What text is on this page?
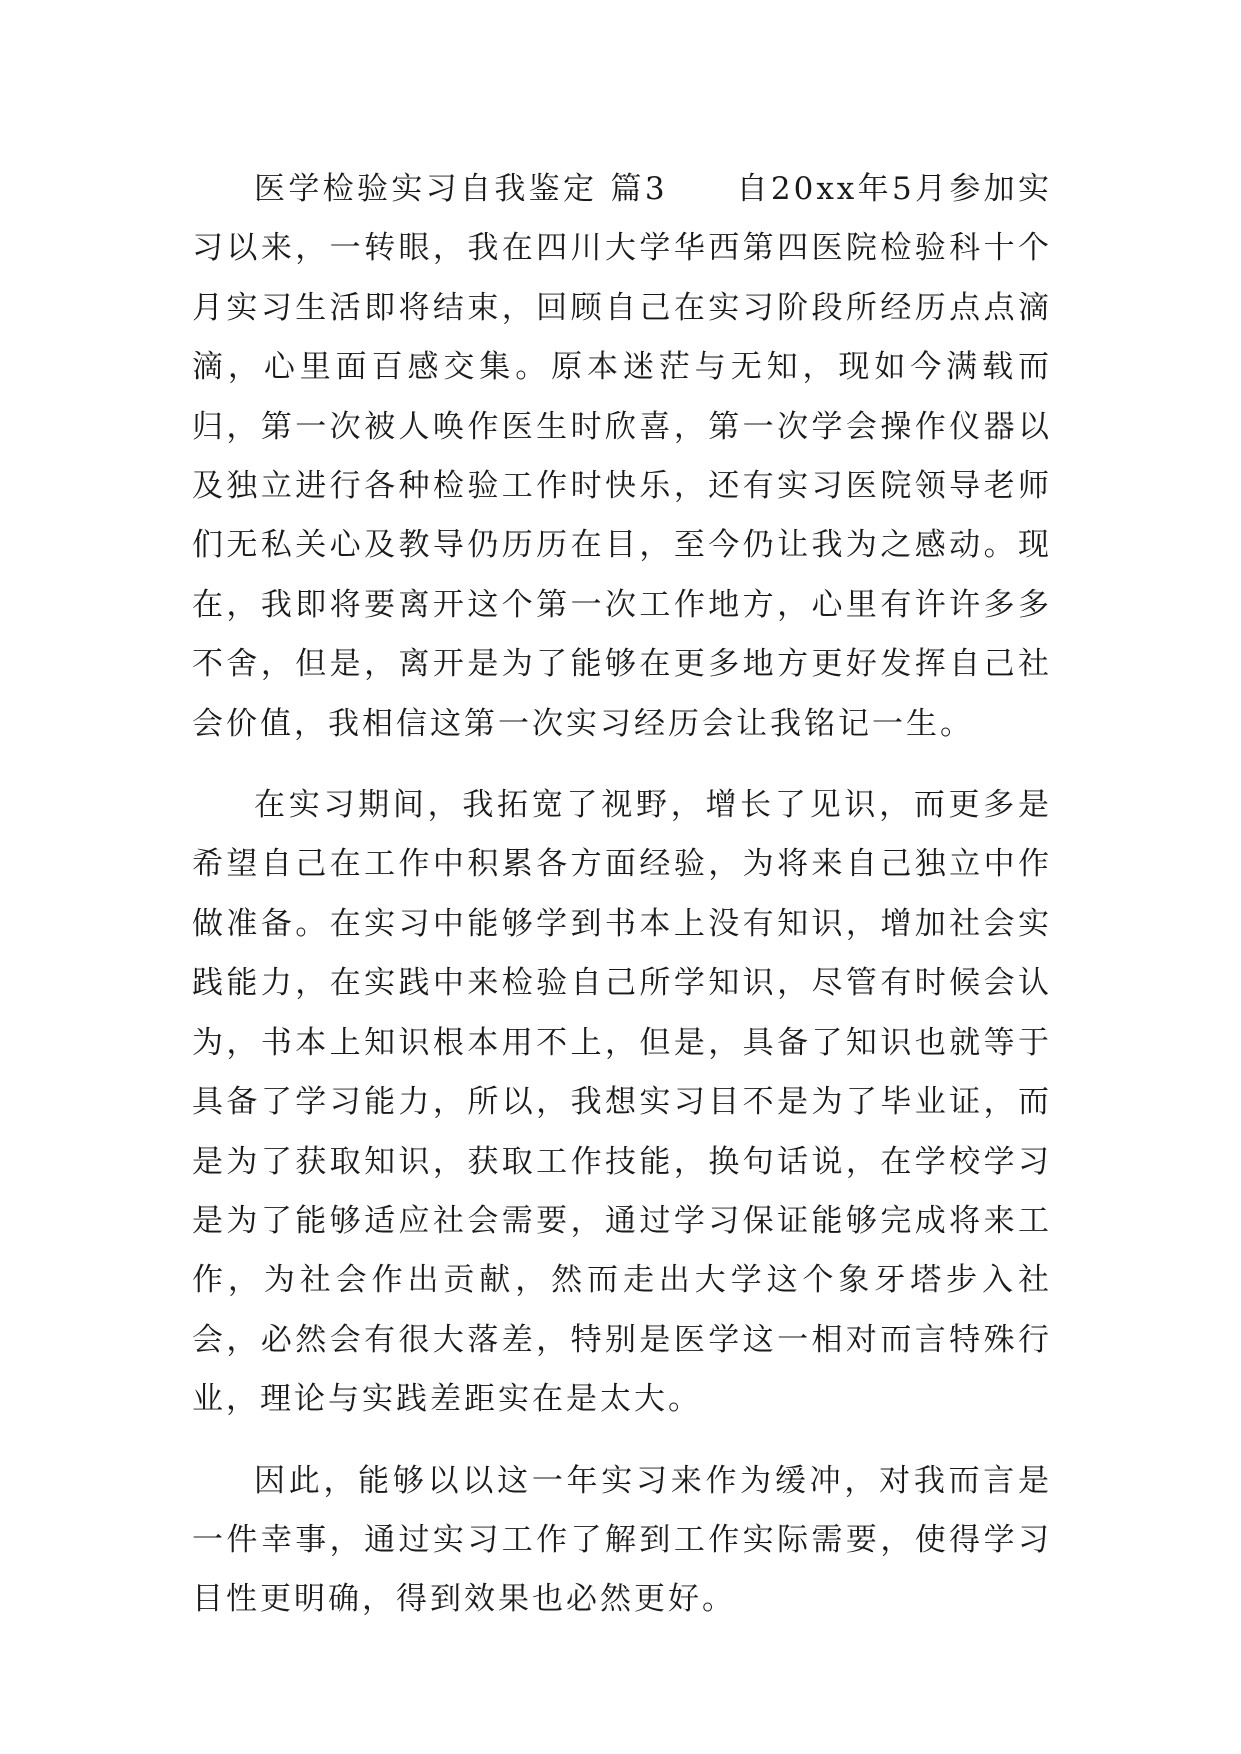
医学检验实习自我鉴定 篇3　　自20xx年5月参加实习以来，一转眼，我在四川大学华西第四医院检验科十个月实习生活即将结束，回顾自己在实习阶段所经历点点滴滴，心里面百感交集。原本迷茫与无知，现如今满载而归，第一次被人唤作医生时欣喜，第一次学会操作仪器以及独立进行各种检验工作时快乐，还有实习医院领导老师们无私关心及教导仍历历在目，至今仍让我为之感动。现在，我即将要离开这个第一次工作地方，心里有许许多多不舍，但是，离开是为了能够在更多地方更好发挥自己社会价值，我相信这第一次实习经历会让我铭记一生。

在实习期间，我拓宽了视野，增长了见识，而更多是希望自己在工作中积累各方面经验，为将来自己独立中作做准备。在实习中能够学到书本上没有知识，增加社会实践能力，在实践中来检验自己所学知识，尽管有时候会认为，书本上知识根本用不上，但是，具备了知识也就等于具备了学习能力，所以，我想实习目不是为了毕业证，而是为了获取知识，获取工作技能，换句话说，在学校学习是为了能够适应社会需要，通过学习保证能够完成将来工作，为社会作出贡献，然而走出大学这个象牙塔步入社会，必然会有很大落差，特别是医学这一相对而言特殊行业，理论与实践差距实在是太大。

因此，能够以以这一年实习来作为缓冲，对我而言是一件幸事，通过实习工作了解到工作实际需要，使得学习目性更明确，得到效果也必然更好。
